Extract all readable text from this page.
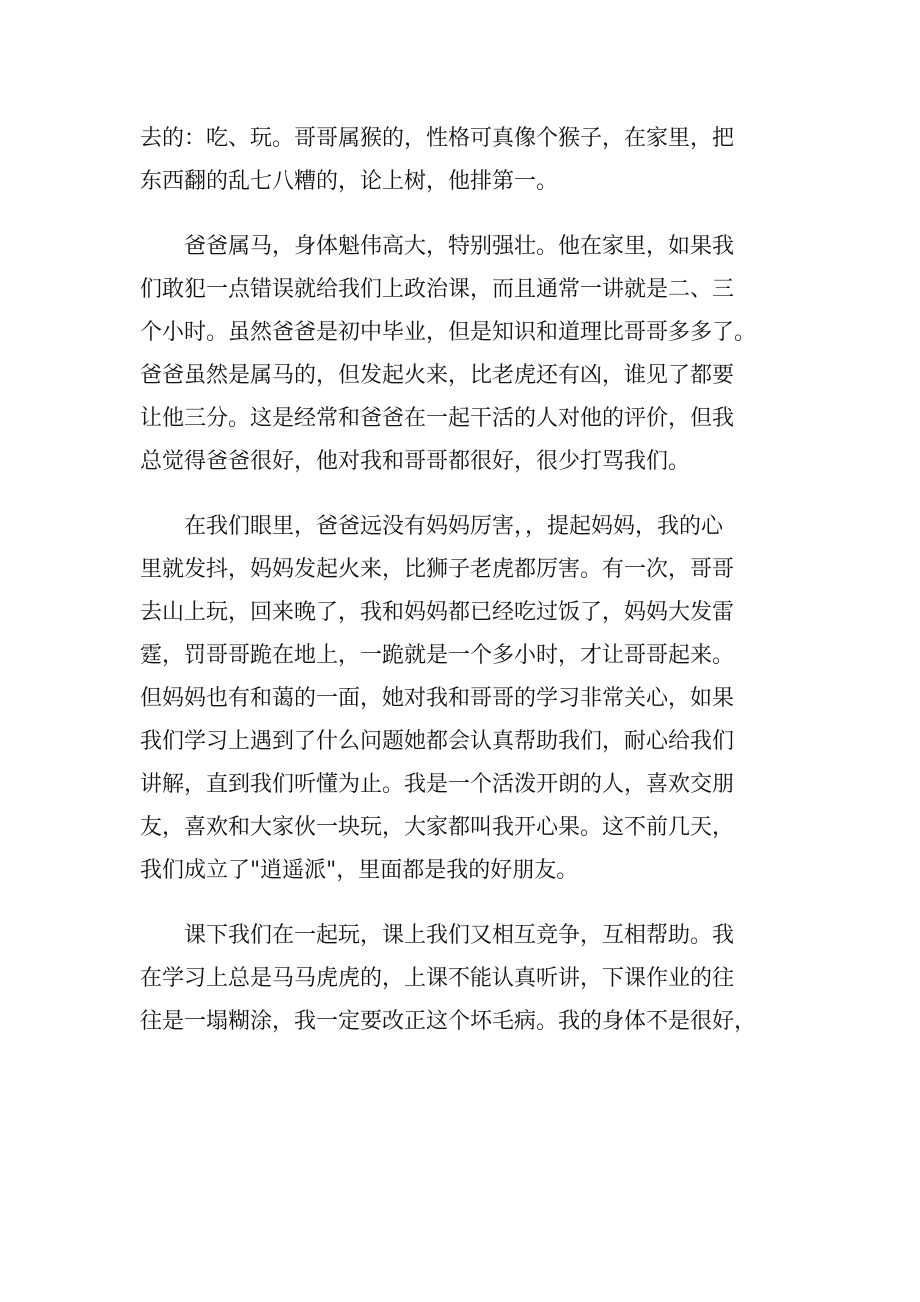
去的：吃、玩。哥哥属猴的，性格可真像个猴子，在家里，把
东西翻的乱七八糟的，论上树，他排第一。
　　爸爸属马，身体魁伟高大，特别强壮。他在家里，如果我
们敢犯一点错误就给我们上政治课，而且通常一讲就是二、三
个小时。虽然爸爸是初中毕业，但是知识和道理比哥哥多多了。
爸爸虽然是属马的，但发起火来，比老虎还有凶，谁见了都要
让他三分。这是经常和爸爸在一起干活的人对他的评价，但我
总觉得爸爸很好，他对我和哥哥都很好，很少打骂我们。
　　在我们眼里，爸爸远没有妈妈厉害，，提起妈妈，我的心
里就发抖，妈妈发起火来，比狮子老虎都厉害。有一次，哥哥
去山上玩，回来晚了，我和妈妈都已经吃过饭了，妈妈大发雷
霆，罚哥哥跪在地上，一跪就是一个多小时，才让哥哥起来。
但妈妈也有和蔼的一面，她对我和哥哥的学习非常关心，如果
我们学习上遇到了什么问题她都会认真帮助我们，耐心给我们
讲解，直到我们听懂为止。我是一个活泼开朗的人，喜欢交朋
友，喜欢和大家伙一块玩，大家都叫我开心果。这不前几天，
我们成立了"逍遥派"，里面都是我的好朋友。
　　课下我们在一起玩，课上我们又相互竞争，互相帮助。我
在学习上总是马马虎虎的，上课不能认真听讲，下课作业的往
往是一塌糊涂，我一定要改正这个坏毛病。我的身体不是很好，
